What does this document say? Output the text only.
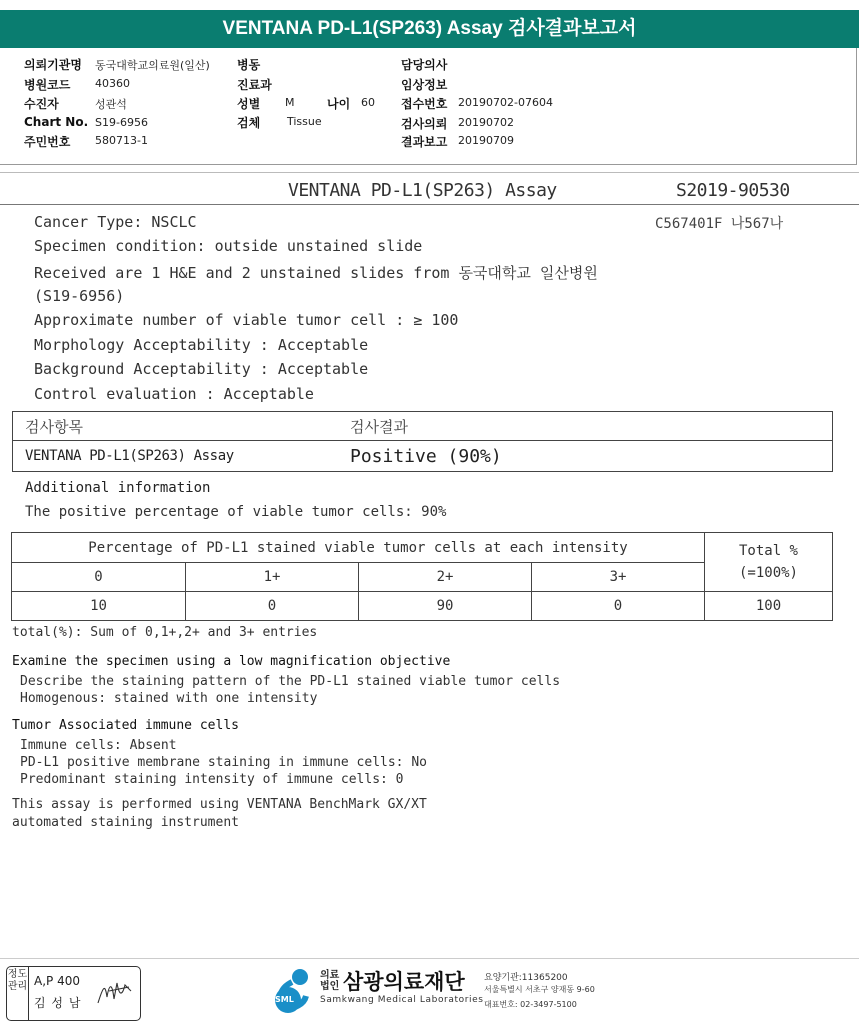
VENTANA PD-L1(SP263) Assay 검사결과보고서
의뢰기관명 동국대학교의료원(일산)
병원코드 40360
수진자	성관석
Chart No. S19-6956
주민번호 580713-1
병동
진료과
성별 M	나이 60
검체 Tissue
담당의사
임상정보
접수번호 20190702-07604
검사의뢰 20190702
결과보고 20190709
VENTANA PD-L1(SP263) Assay	S2019-90530
C567401F 나567나
Cancer Type: NSCLC
Specimen condition: outside unstained slide
Received are 1 H&E and 2 unstained slides from 동국대학교 일산병원
(S19-6956)
Approximate number of viable tumor cell : ≥ 100
Morphology Acceptability : Acceptable
Background Acceptability : Acceptable
Control evaluation : Acceptable
검사항목	검사결과
VENTANA PD-L1(SP263) Assay	Positive (90%)
Additional information
The positive percentage of viable tumor cells: 90%
Percentage of PD-L1 stained viable tumor cells at each intensity				Total %
(=100%)

0	1+	2+	3+	
10	0	90	0	100
total(%): Sum of 0,1+,2+ and 3+ entries
Examine the specimen using a low magnification objective
Describe the staining pattern of the PD-L1 stained viable tumor cells
Homogenous: stained with one intensity
Tumor Associated immune cells
Immune cells: Absent
PD-L1 positive membrane staining in immune cells: No
Predominant staining intensity of immune cells: 0
This assay is performed using VENTANA BenchMark GX/XT
automated staining instrument
정도관리 A,P 400
김 성 남	SML
의료법인 삼광의료재단
Samkwang Medical Laboratories
요양기관:11365200
서울특별시 서초구 양재동 9-60
대표번호: 02-3497-5100
